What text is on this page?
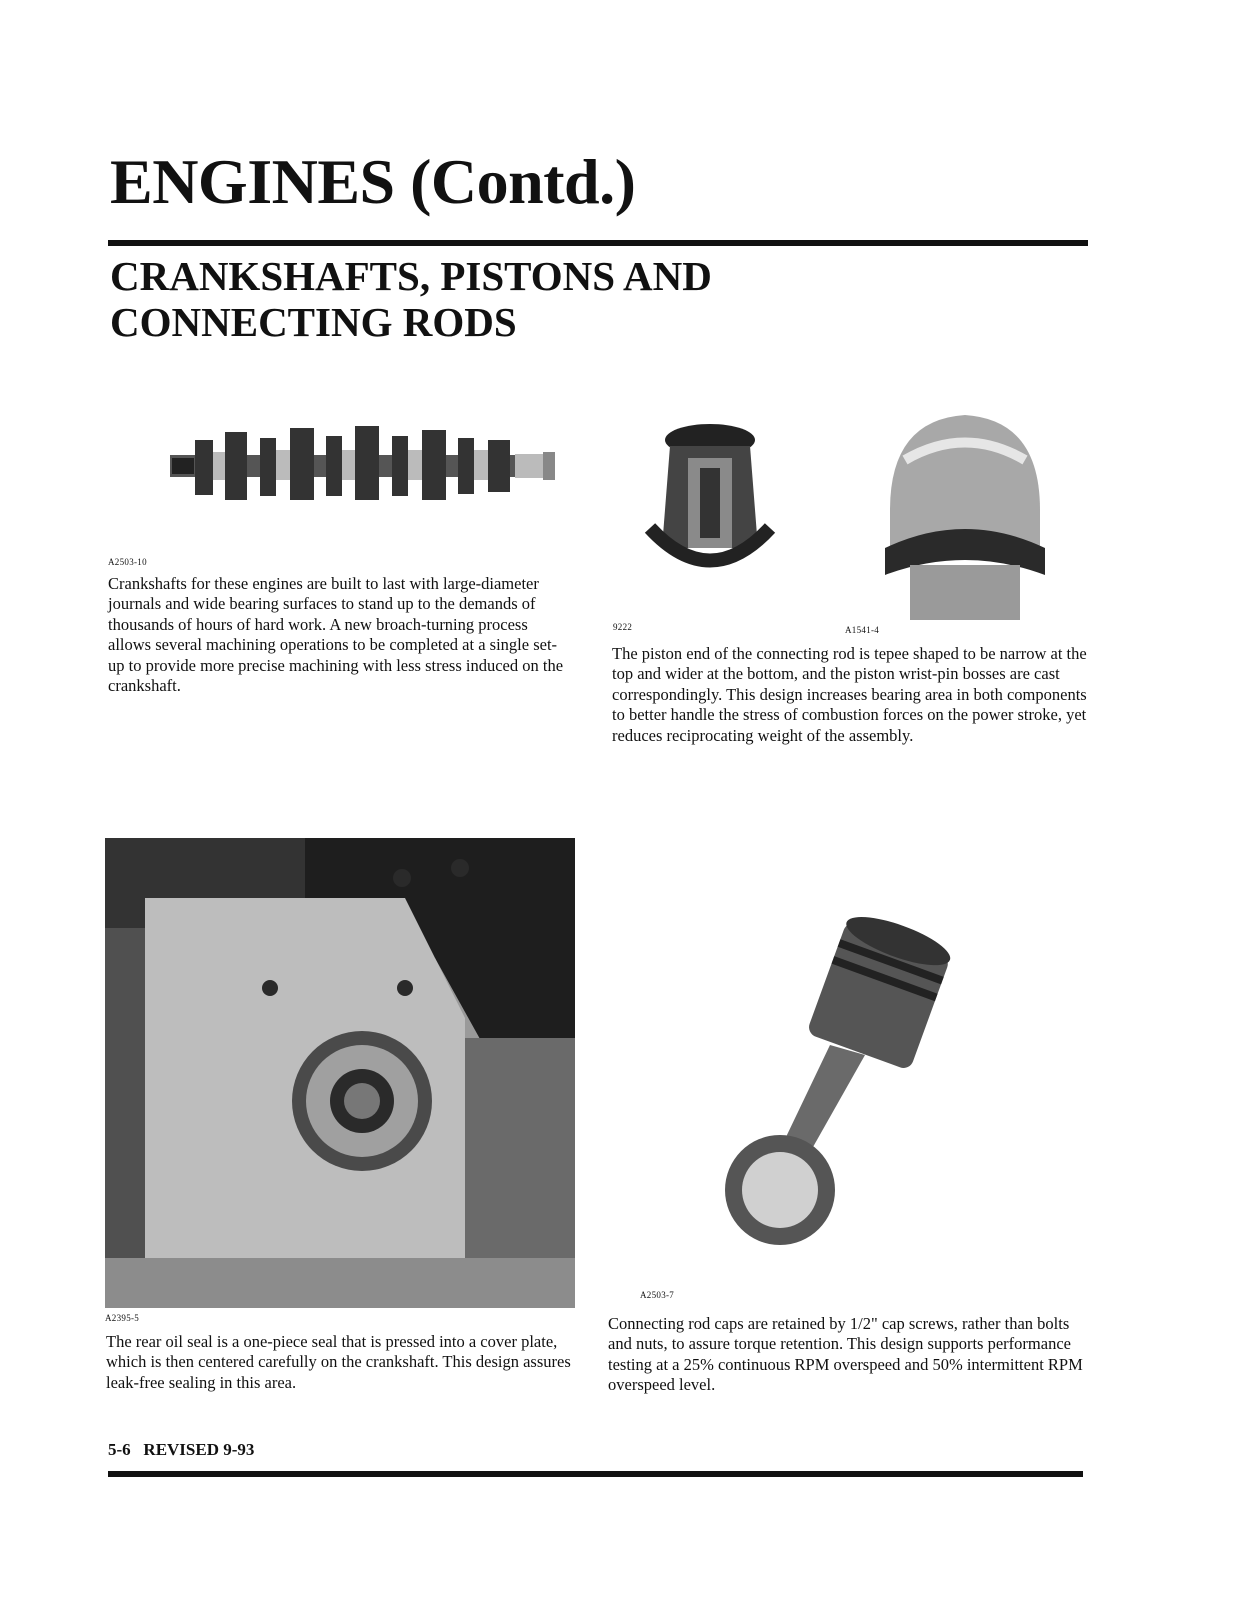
ENGINES (Contd.)
CRANKSHAFTS, PISTONS AND
CONNECTING RODS
A2503-10

Crankshafts for these engines are built to last with large-diameter journals and wide bearing surfaces to stand up to the demands of thousands of hours of hard work. A new broach-turning process allows several machining operations to be completed at a single set-up to provide more precise machining with less stress induced on the crankshaft.

9222	A1541-4

The piston end of the connecting rod is tepee shaped to be narrow at the top and wider at the bottom, and the piston wrist-pin bosses are cast correspondingly. This design increases bearing area in both components to better handle the stress of combustion forces on the power stroke, yet reduces reciprocating weight of the assembly.

A2395-5

The rear oil seal is a one-piece seal that is pressed into a cover plate, which is then centered carefully on the crankshaft. This design assures leak-free sealing in this area.

A2503-7

Connecting rod caps are retained by 1/2" cap screws, rather than bolts and nuts, to assure torque retention. This design supports performance testing at a 25% continuous RPM overspeed and 50% intermittent RPM overspeed level.

5-6   REVISED 9-93
